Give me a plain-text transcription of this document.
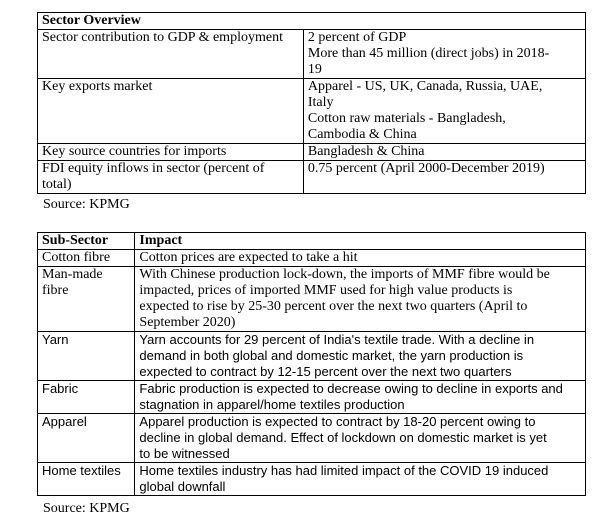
Sector Overview	
Sector contribution to GDP & employment	2 percent of GDP
More than 45 million (direct jobs) in 2018-
19

Key exports market	Apparel - US, UK, Canada, Russia, UAE,
Italy
Cotton raw materials - Bangladesh,
Cambodia & China

Key source countries for imports	Bangladesh & China

FDI equity inflows in sector (percent of
total)	0.75 percent (April 2000-December 2019)
Source: KPMG
Sub-Sector	Impact

Cotton fibre	Cotton prices are expected to take a hit

Man-made
fibre	With Chinese production lock-down, the imports of MMF fibre would be
impacted, prices of imported MMF used for high value products is
expected to rise by 25-30 percent over the next two quarters (April to
September 2020)

Yarn	Yarn accounts for 29 percent of India's textile trade. With a decline in
demand in both global and domestic market, the yarn production is
expected to contract by 12-15 percent over the next two quarters

Fabric	Fabric production is expected to decrease owing to decline in exports and
stagnation in apparel/home textiles production

Apparel	Apparel production is expected to contract by 18-20 percent owing to
decline in global demand. Effect of lockdown on domestic market is yet
to be witnessed

Home textiles	Home textiles industry has had limited impact of the COVID 19 induced
global downfall
Source: KPMG
